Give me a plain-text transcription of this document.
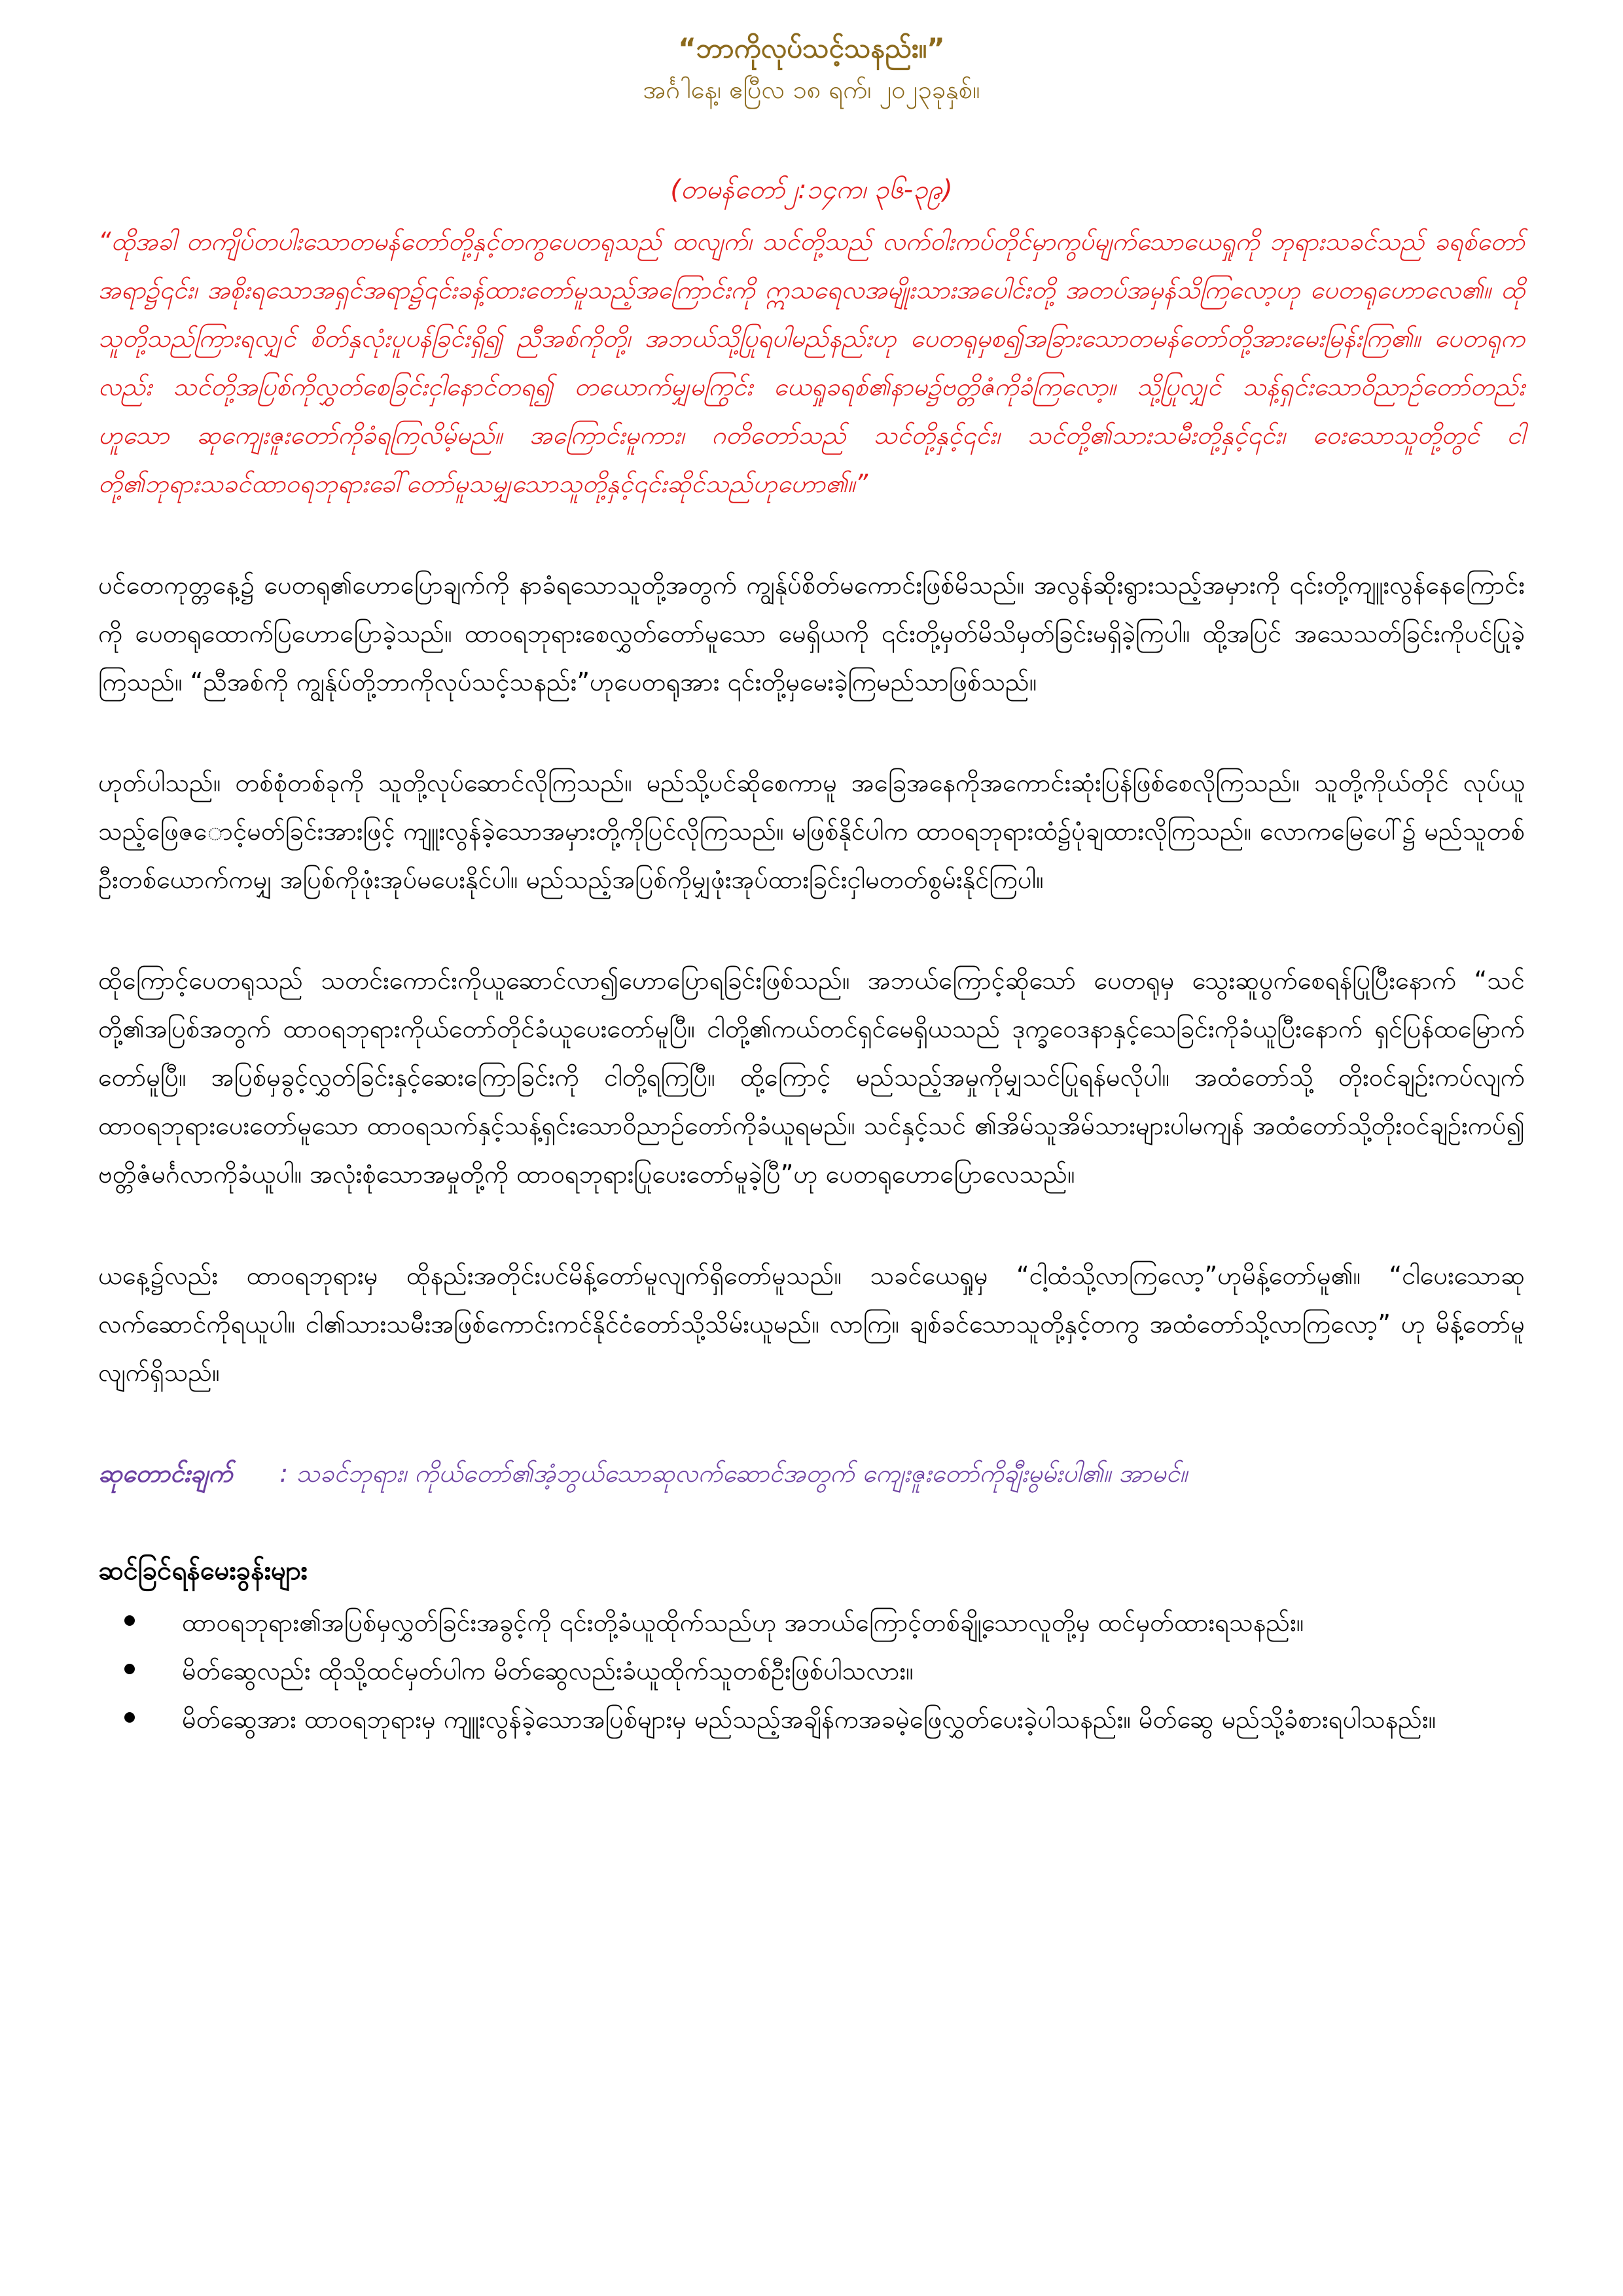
“ဘာကိုလုပ်သင့်သနည်း။”

အင်္ဂါနေ့၊ ဧပြီလ ၁၈ ရက်၊ ၂၀၂၃ခုနှစ်။

(တမန်တော်၂:၁၄က၊ ၃၆-၃၉)

“ထိုအခါ တကျိပ်တပါးသောတမန်တော်တို့နှင့်တကွပေတရုသည် ထလျက်၊ သင်တို့သည် လက်ဝါးကပ်တိုင်မှာကွပ်မျက်သောယေရှုကို ဘုရားသခင်သည် ခရစ်တော်အရာ၌၎င်း၊ အစိုးရသောအရှင်အရာ၌၎င်းခန့်ထားတော်မူသည့်အကြောင်းကို ဣသရေလအမျိုးသားအပေါင်းတို့ အတပ်အမှန်သိကြလော့ဟု ပေတရုဟောလေ၏။ ထိုသူတို့သည်ကြားရလျှင် စိတ်နှလုံးပူပန်ခြင်းရှိ၍ ညီအစ်ကိုတို့၊ အဘယ်သို့ပြုရပါမည်နည်းဟု ပေတရုမှစ၍အခြားသောတမန်တော်တို့အားမေးမြန်းကြ၏။ ပေတရုကလည်း သင်တို့အပြစ်ကိုလွှတ်စေခြင်းငှါ‌နောင်တရ၍ တယောက်မျှမကြွင်း ယေရှုခရစ်၏နာမ၌ဗတ္တိဇံကိုခံကြလော့။ သို့ပြုလျှင် သန့်ရှင်းသောဝိညာဉ်တော်တည်းဟူသော ဆုကျေးဇူးတော်ကိုခံရကြလိမ့်မည်။ အကြောင်းမူကား၊ ဂတိတော်သည် သင်တို့နှင့်၎င်း၊ သင်တို့၏သားသမီးတို့နှင့်၎င်း၊ ဝေးသောသူတို့တွင် ငါတို့၏ဘုရားသခင်ထာဝရဘုရားခေါ်တော်မူသမျှသောသူတို့နှင့်၎င်းဆိုင်သည်ဟုဟော၏။”

ပင်တေကုတ္တနေ့၌ ပေတရု၏ဟောပြောချက်ကို နာခံရသောသူတို့အတွက် ကျွန်ုပ်စိတ်မကောင်းဖြစ်မိသည်။ အလွန်ဆိုးရွားသည့်အမှားကို ၎င်းတို့ကျူးလွန်နေကြောင်းကို ပေတရုထောက်ပြဟောပြောခဲ့သည်။ ထာဝရဘုရားစေလွှတ်တော်မူသော မေရှိယကို ၎င်းတို့မှတ်မိသိမှတ်ခြင်းမရှိခဲ့ကြပါ။ ထို့အပြင် အသေသတ်ခြင်းကိုပင်ပြုခဲ့ကြသည်။ “ညီအစ်ကို ကျွန်ုပ်တို့ဘာကိုလုပ်သင့်သနည်း”ဟုပေတရုအား ၎င်းတို့မှမေးခဲ့ကြမည်သာဖြစ်သည်။

ဟုတ်ပါသည်။ တစ်စုံတစ်ခုကို သူတို့လုပ်ဆောင်လိုကြသည်။ မည်သို့ပင်ဆိုစေကာမူ အခြေအနေကိုအကောင်းဆုံးပြန်ဖြစ်စေလိုကြသည်။ သူတို့ကိုယ်တိုင် လုပ်ယူသည့်ဖြေ‌ဇ‌ောင့်မတ်ခြင်းအားဖြင့် ကျူးလွန်ခဲ့သောအမှားတို့ကိုပြင်လိုကြသည်။ မဖြစ်နိုင်ပါက ထာဝရဘုရားထံ၌ပုံချထားလိုကြသည်။ လောကမြေပေါ်၌ မည်သူတစ်ဦးတစ်ယောက်ကမျှ အပြစ်ကိုဖုံးအုပ်မပေးနိုင်ပါ။ မည်သည့်အပြစ်ကိုမျှဖုံးအုပ်ထားခြင်းငှါမတတ်စွမ်းနိုင်ကြပါ။

ထိုကြောင့်ပေတရုသည် သတင်းကောင်းကိုယူဆောင်လာ၍ဟောပြောရခြင်းဖြစ်သည်။ အဘယ်ကြောင့်ဆိုသော် ပေတရုမှ သွေးဆူပွက်စေရန်ပြုပြီးနောက် “သင်တို့၏အပြစ်အတွက် ထာဝရဘုရားကိုယ်တော်တိုင်ခံယူပေးတော်မူပြီ။ ငါတို့၏ကယ်တင်ရှင်မေရှိယသည် ဒုက္ခဝေဒနာနှင့်သေခြင်းကိုခံယူပြီးနောက် ရှင်ပြန်ထမြောက်တော်မူပြီ။ အပြစ်မှခွင့်လွှတ်ခြင်းနှင့်ဆေးကြောခြင်းကို ငါတို့ရကြပြီ။ ထို့ကြောင့် မည်သည့်အမှုကိုမျှသင်ပြုရန်မလိုပါ။ အထံတော်သို့ တိုးဝင်ချဉ်းကပ်လျက် ထာဝရဘုရားပေးတော်မူသော ထာဝရသက်နှင့်သန့်ရှင်းသောဝိညာဉ်တော်ကိုခံယူရမည်။ သင်နှင့်သင် ၏အိမ်သူအိမ်သားများပါမကျန် အထံတော်သို့တိုးဝင်ချဉ်းကပ်၍ ဗတ္တိဇံမင်္ဂလာကိုခံယူပါ။ အလုံးစုံသောအမှုတို့ကို ထာဝရဘုရားပြုပေးတော်မူခဲ့ပြီ”ဟု ပေတရုဟောပြောလေသည်။

ယနေ့၌လည်း ထာဝရဘုရားမှ ထိုနည်းအတိုင်းပင်မိန့်တော်မူလျက်ရှိတော်မူသည်။ သခင်ယေရှုမှ “ငါ့ထံသို့လာကြလော့”ဟုမိန့်တော်မူ၏။ “ငါပေးသောဆုလက်ဆောင်ကိုရယူပါ။ ငါ၏သားသမီးအဖြစ်ကောင်းကင်နိုင်ငံတော်သို့သိမ်းယူမည်။ လာကြ။ ချစ်ခင်သောသူတို့နှင့်တကွ အထံတော်သို့လာကြလော့” ဟု မိန့်တော်မူလျက်ရှိသည်။

ဆုတောင်းချက် : သခင်ဘုရား၊ ကိုယ်တော်၏အံ့ဘွယ်သောဆုလက်ဆောင်အတွက် ကျေးဇူးတော်ကိုချီးမွမ်းပါ၏။ အာမင်။

ဆင်ခြင်ရန်မေးခွန်းများ
ထာဝရဘုရား၏အပြစ်မှလွှတ်ခြင်းအခွင့်ကို ၎င်းတို့ခံယူထိုက်သည်ဟု အဘယ်ကြောင့်တစ်ချို့သောလူတို့မှ ထင်မှတ်ထားရသနည်း။
မိတ်ဆွေလည်း ထိုသို့ထင်မှတ်ပါက မိတ်ဆွေလည်းခံယူထိုက်သူတစ်ဦးဖြစ်ပါသလား။
မိတ်ဆွေအား ထာဝရဘုရားမှ ကျူးလွန်ခဲ့သောအပြစ်များမှ မည်သည့်အချိန်ကအခမဲ့ဖြေလွှတ်ပေးခဲ့ပါသနည်း။ မိတ်ဆွေ မည်သို့ခံစားရပါသနည်း။
